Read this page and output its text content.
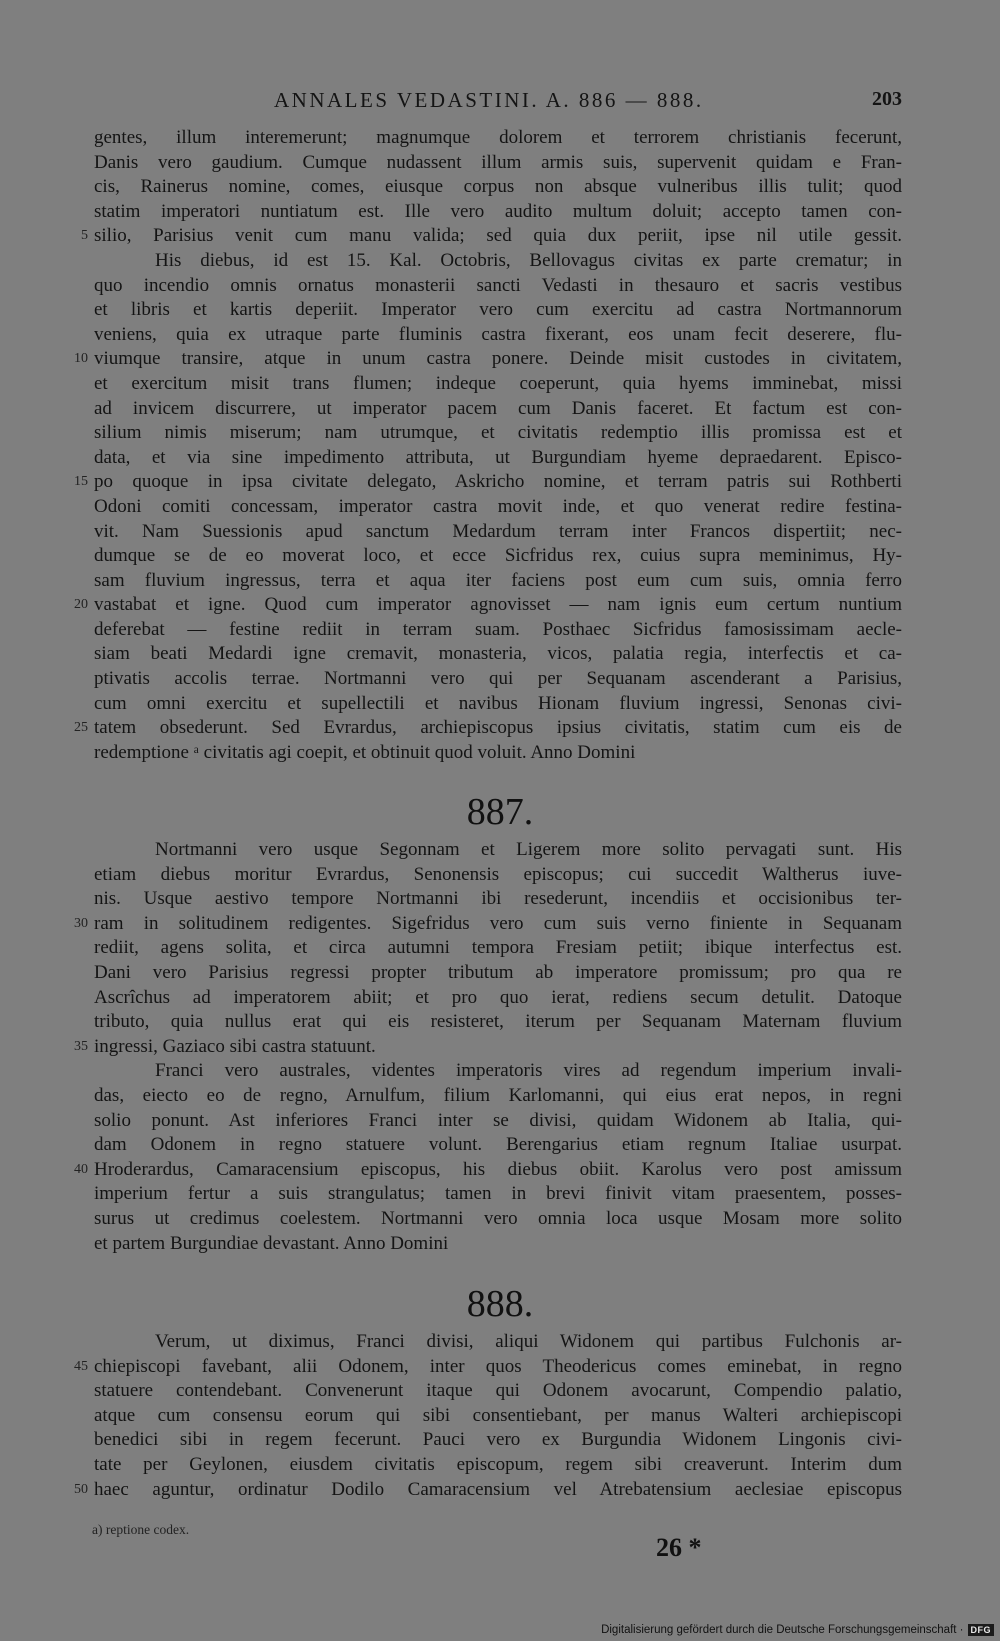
ANNALES VEDASTINI. A. 886 — 888.	203
gentes, illum interemerunt; magnumque dolorem et terrorem christianis fecerunt,
Danis vero gaudium. Cumque nudassent illum armis suis, supervenit quidam e Fran-
cis, Rainerus nomine, comes, eiusque corpus non absque vulneribus illis tulit; quod
statim imperatori nuntiatum est. Ille vero audito multum doluit; accepto tamen con-
5 silio, Parisius venit cum manu valida; sed quia dux periit, ipse nil utile gessit.
His diebus, id est 15. Kal. Octobris, Bellovagus civitas ex parte crematur; in
quo incendio omnis ornatus monasterii sancti Vedasti in thesauro et sacris vestibus
et libris et kartis deperiit. Imperator vero cum exercitu ad castra Nortmannorum
veniens, quia ex utraque parte fluminis castra fixerant, eos unam fecit deserere, flu-
10 viumque transire, atque in unum castra ponere. Deinde misit custodes in civitatem,
et exercitum misit trans flumen; indeque coeperunt, quia hyems imminebat, missi
ad invicem discurrere, ut imperator pacem cum Danis faceret. Et factum est con-
silium nimis miserum; nam utrumque, et civitatis redemptio illis promissa est et
data, et via sine impedimento attributa, ut Burgundiam hyeme depraedarent. Episco-
15 po quoque in ipsa civitate delegato, Askricho nomine, et terram patris sui Rothberti
Odoni comiti concessam, imperator castra movit inde, et quo venerat redire festina-
vit. Nam Suessionis apud sanctum Medardum terram inter Francos dispertiit; nec-
dumque se de eo moverat loco, et ecce Sicfridus rex, cuius supra meminimus, Hy-
sam fluvium ingressus, terra et aqua iter faciens post eum cum suis, omnia ferro
20 vastabat et igne. Quod cum imperator agnovisset — nam ignis eum certum nuntium
deferebat — festine rediit in terram suam. Posthaec Sicfridus famosissimam aecle-
siam beati Medardi igne cremavit, monasteria, vicos, palatia regia, interfectis et ca-
ptivatis accolis terrae. Nortmanni vero qui per Sequanam ascenderant a Parisius,
cum omni exercitu et supellectili et navibus Hionam fluvium ingressi, Senonas civi-
25 tatem obsederunt. Sed Evrardus, archiepiscopus ipsius civitatis, statim cum eis de
redemptione ᵃ civitatis agi coepit, et obtinuit quod voluit. Anno Domini
887.
Nortmanni vero usque Segonnam et Ligerem more solito pervagati sunt. His
etiam diebus moritur Evrardus, Senonensis episcopus; cui succedit Waltherus iuve-
nis. Usque aestivo tempore Nortmanni ibi resederunt, incendiis et occisionibus ter-
30 ram in solitudinem redigentes. Sigefridus vero cum suis verno finiente in Sequanam
rediit, agens solita, et circa autumni tempora Fresiam petiit; ibique interfectus est.
Dani vero Parisius regressi propter tributum ab imperatore promissum; pro qua re
Ascrîchus ad imperatorem abiit; et pro quo ierat, rediens secum detulit. Datoque
tributo, quia nullus erat qui eis resisteret, iterum per Sequanam Maternam fluvium
35 ingressi, Gaziaco sibi castra statuunt.
Franci vero australes, videntes imperatoris vires ad regendum imperium invali-
das, eiecto eo de regno, Arnulfum, filium Karlomanni, qui eius erat nepos, in regni
solio ponunt. Ast inferiores Franci inter se divisi, quidam Widonem ab Italia, qui-
dam Odonem in regno statuere volunt. Berengarius etiam regnum Italiae usurpat.
40 Hroderardus, Camaracensium episcopus, his diebus obiit. Karolus vero post amissum
imperium fertur a suis strangulatus; tamen in brevi finivit vitam praesentem, posses-
surus ut credimus coelestem. Nortmanni vero omnia loca usque Mosam more solito
et partem Burgundiae devastant. Anno Domini
888.
Verum, ut diximus, Franci divisi, aliqui Widonem qui partibus Fulchonis ar-
45 chiepiscopi favebant, alii Odonem, inter quos Theodericus comes eminebat, in regno
statuere contendebant. Convenerunt itaque qui Odonem avocarunt, Compendio palatio,
atque cum consensu eorum qui sibi consentiebant, per manus Walteri archiepiscopi
benedici sibi in regem fecerunt. Pauci vero ex Burgundia Widonem Lingonis civi-
tate per Geylonen, eiusdem civitatis episcopum, regem sibi creaverunt. Interim dum
50 haec aguntur, ordinatur Dodilo Camaracensium vel Atrebatensium aeclesiae episcopus
a) reptione codex.
26 *
Digitalisierung gefördert durch die Deutsche Forschungsgemeinschaft · DFG
